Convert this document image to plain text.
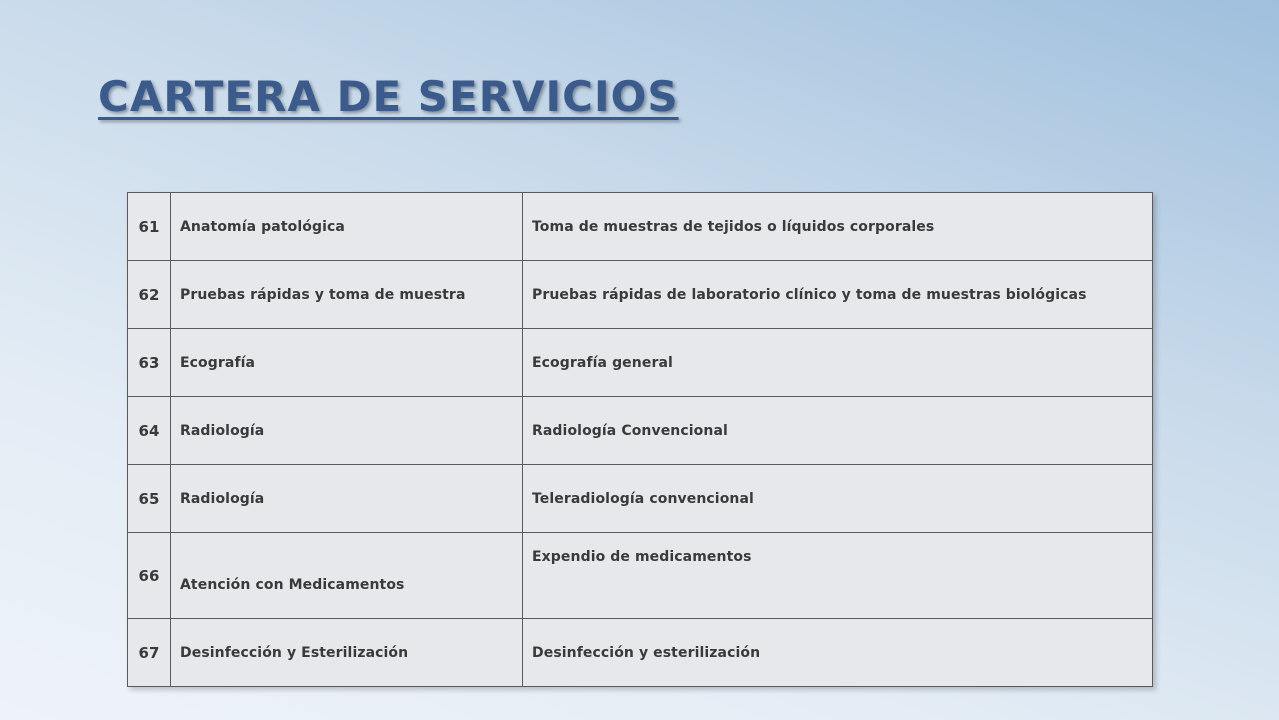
CARTERA DE SERVICIOS
61	Anatomía patológica	Toma de muestras de tejidos o líquidos corporales
62	Pruebas rápidas y toma de muestra	Pruebas rápidas de laboratorio clínico y toma de muestras biológicas
63	Ecografía	Ecografía general
64	Radiología	Radiología Convencional
65	Radiología	Teleradiología convencional
66	Atención con Medicamentos	Expendio de medicamentos
67	Desinfección y Esterilización	Desinfección y esterilización
